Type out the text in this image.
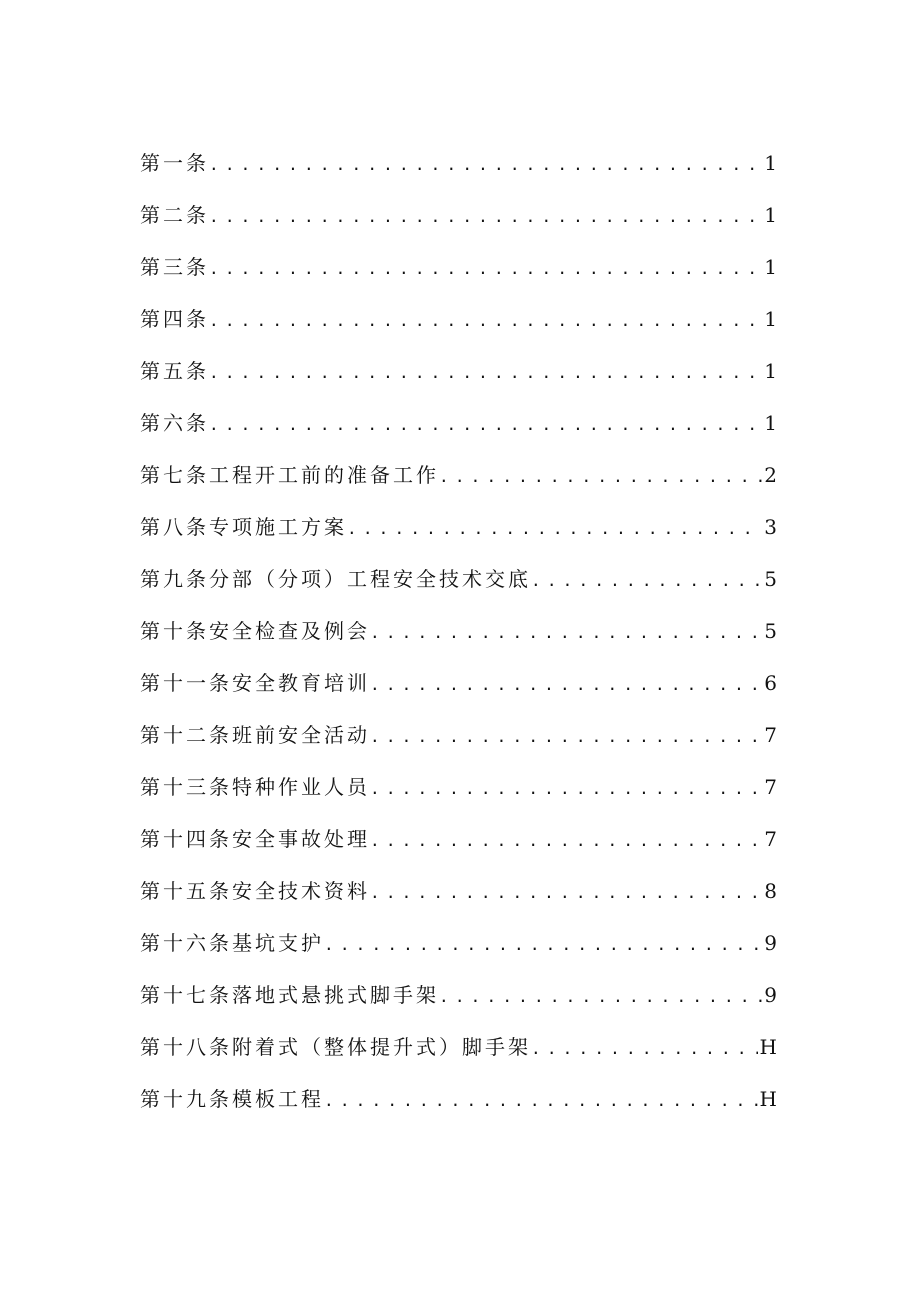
第一条 .....	1
第二条 .....	1
第三条 .....	1
第四条 .....	1
第五条 .....	1
第六条 .....	1
第七条工程开工前的准备工作 .....	2
第八条专项施工方案 .....	3
第九条分部（分项）工程安全技术交底 .....	5
第十条安全检查及例会 .....	5
第十一条安全教育培训 .....	6
第十二条班前安全活动 .....	7
第十三条特种作业人员 .....	7
第十四条安全事故处理 .....	7
第十五条安全技术资料 .....	8
第十六条基坑支护 .....	9
第十七条落地式悬挑式脚手架 .....	9
第十八条附着式（整体提升式）脚手架 .....	H
第十九条模板工程 .....	H
